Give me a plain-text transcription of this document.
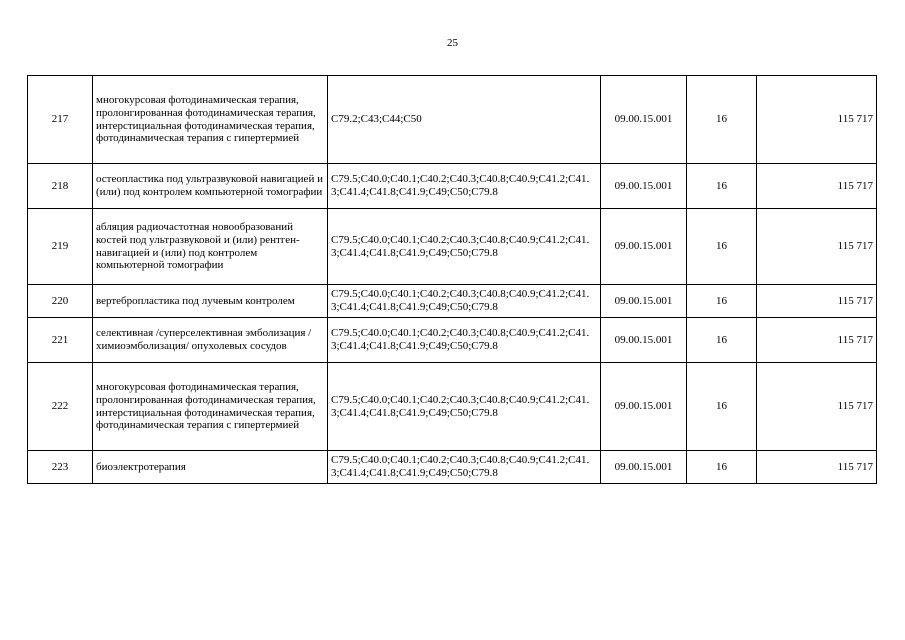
25
217	многокурсовая фотодинамическая терапия, пролонгированная фотодинамическая терапия, интерстициальная фотодинамическая терапия, фотодинамическая терапия с гипертермией	C79.2;C43;C44;C50	09.00.15.001	16	115 717
218	остеопластика под ультразвуковой навигацией и (или) под контролем компьютерной томографии	C79.5;C40.0;C40.1;C40.2;C40.3;C40.8;C40.9;C41.2;C41.3;C41.4;C41.8;C41.9;C49;C50;C79.8	09.00.15.001	16	115 717
219	абляция радиочастотная новообразований костей под ультразвуковой и (или) рентген-навигацией и (или) под контролем компьютерной томографии	C79.5;C40.0;C40.1;C40.2;C40.3;C40.8;C40.9;C41.2;C41.3;C41.4;C41.8;C41.9;C49;C50;C79.8	09.00.15.001	16	115 717
220	вертебропластика под лучевым контролем	C79.5;C40.0;C40.1;C40.2;C40.3;C40.8;C40.9;C41.2;C41.3;C41.4;C41.8;C41.9;C49;C50;C79.8	09.00.15.001	16	115 717
221	селективная /суперселективная эмболизация /химиоэмболизация/ опухолевых сосудов	C79.5;C40.0;C40.1;C40.2;C40.3;C40.8;C40.9;C41.2;C41.3;C41.4;C41.8;C41.9;C49;C50;C79.8	09.00.15.001	16	115 717
222	многокурсовая фотодинамическая терапия, пролонгированная фотодинамическая терапия, интерстициальная фотодинамическая терапия, фотодинамическая терапия с гипертермией	C79.5;C40.0;C40.1;C40.2;C40.3;C40.8;C40.9;C41.2;C41.3;C41.4;C41.8;C41.9;C49;C50;C79.8	09.00.15.001	16	115 717
223	биоэлектротерапия	C79.5;C40.0;C40.1;C40.2;C40.3;C40.8;C40.9;C41.2;C41.3;C41.4;C41.8;C41.9;C49;C50;C79.8	09.00.15.001	16	115 717
